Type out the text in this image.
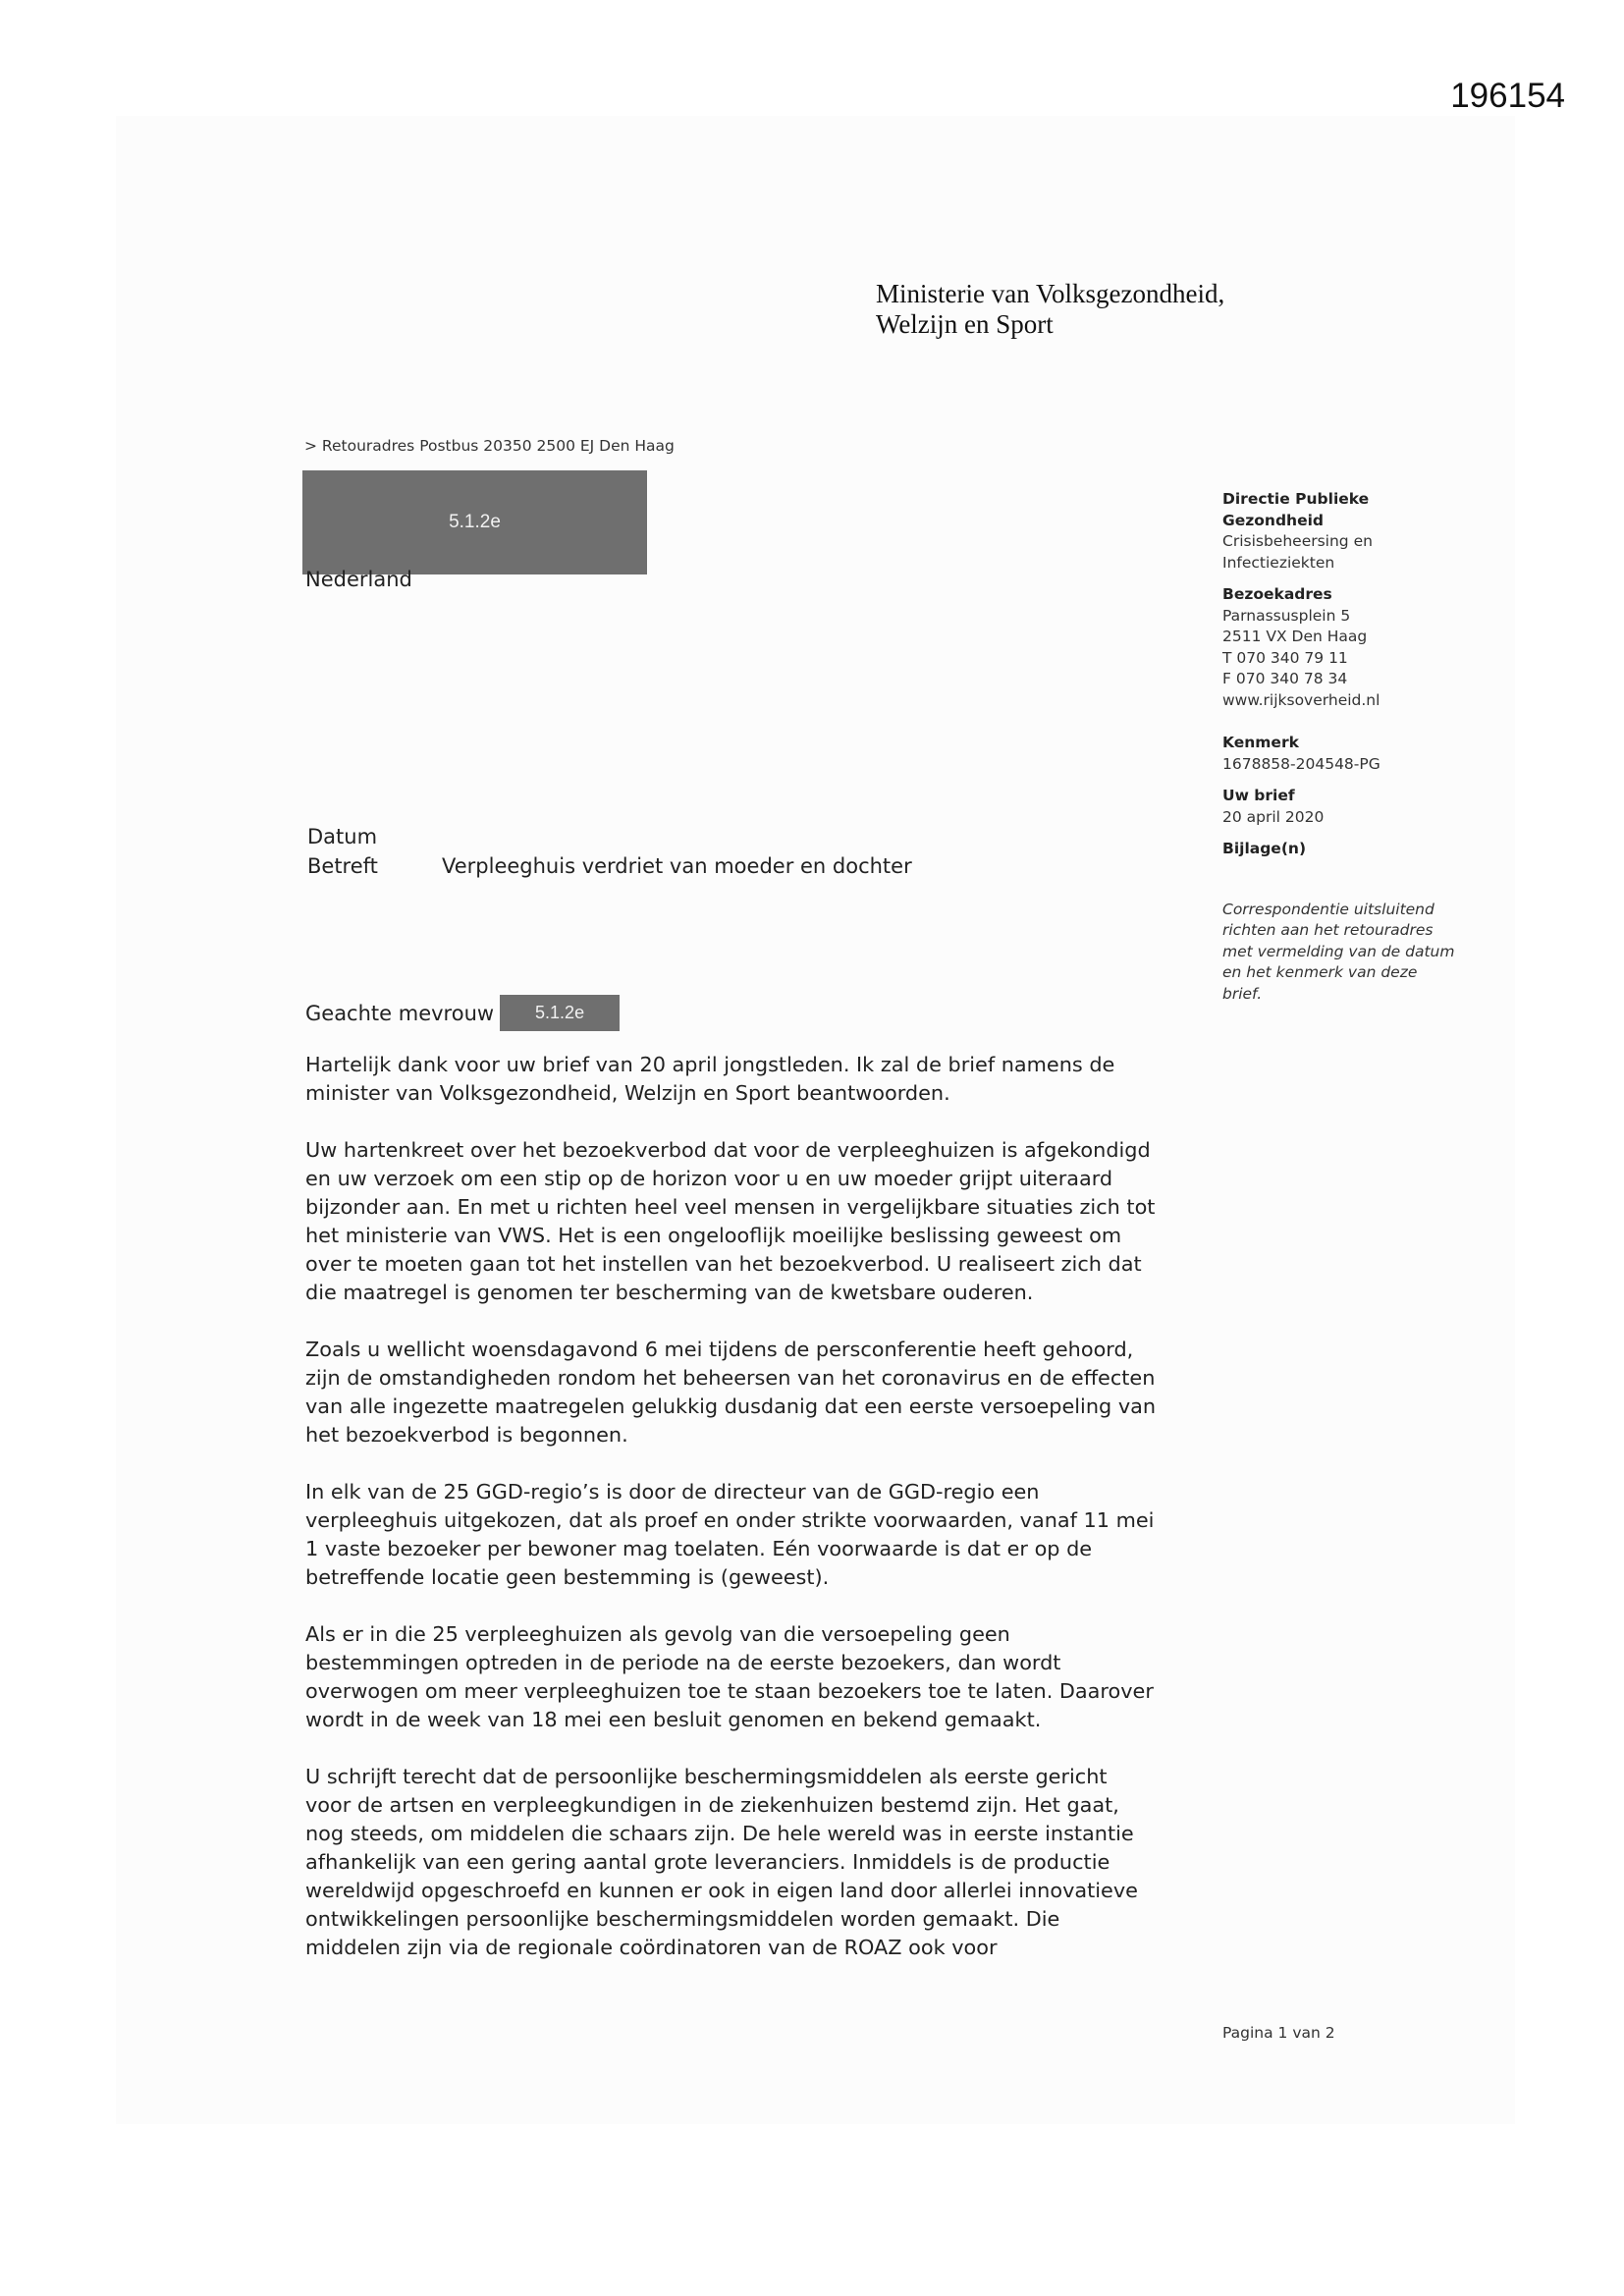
196154
Ministerie van Volksgezondheid,
Welzijn en Sport
> Retouradres Postbus 20350 2500 EJ Den Haag
5.1.2e
Nederland
Directie Publieke
Gezondheid
Crisisbeheersing en
Infectieziekten
Bezoekadres
Parnassusplein 5
2511 VX Den Haag
T 070 340 79 11
F 070 340 78 34
www.rijksoverheid.nl
Kenmerk
1678858-204548-PG
Uw brief
20 april 2020
Bijlage(n)
Correspondentie uitsluitend
richten aan het retouradres
met vermelding van de datum
en het kenmerk van deze
brief.
Datum
Betreft	Verpleeghuis verdriet van moeder en dochter
Geachte mevrouw	5.1.2e
Hartelijk dank voor uw brief van 20 april jongstleden. Ik zal de brief namens de
minister van Volksgezondheid, Welzijn en Sport beantwoorden.
Uw hartenkreet over het bezoekverbod dat voor de verpleeghuizen is afgekondigd
en uw verzoek om een stip op de horizon voor u en uw moeder grijpt uiteraard
bijzonder aan. En met u richten heel veel mensen in vergelijkbare situaties zich tot
het ministerie van VWS. Het is een ongelooflijk moeilijke beslissing geweest om
over te moeten gaan tot het instellen van het bezoekverbod. U realiseert zich dat
die maatregel is genomen ter bescherming van de kwetsbare ouderen.
Zoals u wellicht woensdagavond 6 mei tijdens de persconferentie heeft gehoord,
zijn de omstandigheden rondom het beheersen van het coronavirus en de effecten
van alle ingezette maatregelen gelukkig dusdanig dat een eerste versoepeling van
het bezoekverbod is begonnen.
In elk van de 25 GGD-regio’s is door de directeur van de GGD-regio een
verpleeghuis uitgekozen, dat als proef en onder strikte voorwaarden, vanaf 11 mei
1 vaste bezoeker per bewoner mag toelaten. Eén voorwaarde is dat er op de
betreffende locatie geen bestemming is (geweest).
Als er in die 25 verpleeghuizen als gevolg van die versoepeling geen
bestemmingen optreden in de periode na de eerste bezoekers, dan wordt
overwogen om meer verpleeghuizen toe te staan bezoekers toe te laten. Daarover
wordt in de week van 18 mei een besluit genomen en bekend gemaakt.
U schrijft terecht dat de persoonlijke beschermingsmiddelen als eerste gericht
voor de artsen en verpleegkundigen in de ziekenhuizen bestemd zijn. Het gaat,
nog steeds, om middelen die schaars zijn. De hele wereld was in eerste instantie
afhankelijk van een gering aantal grote leveranciers. Inmiddels is de productie
wereldwijd opgeschroefd en kunnen er ook in eigen land door allerlei innovatieve
ontwikkelingen persoonlijke beschermingsmiddelen worden gemaakt. Die
middelen zijn via de regionale coördinatoren van de ROAZ ook voor
Pagina 1 van 2
